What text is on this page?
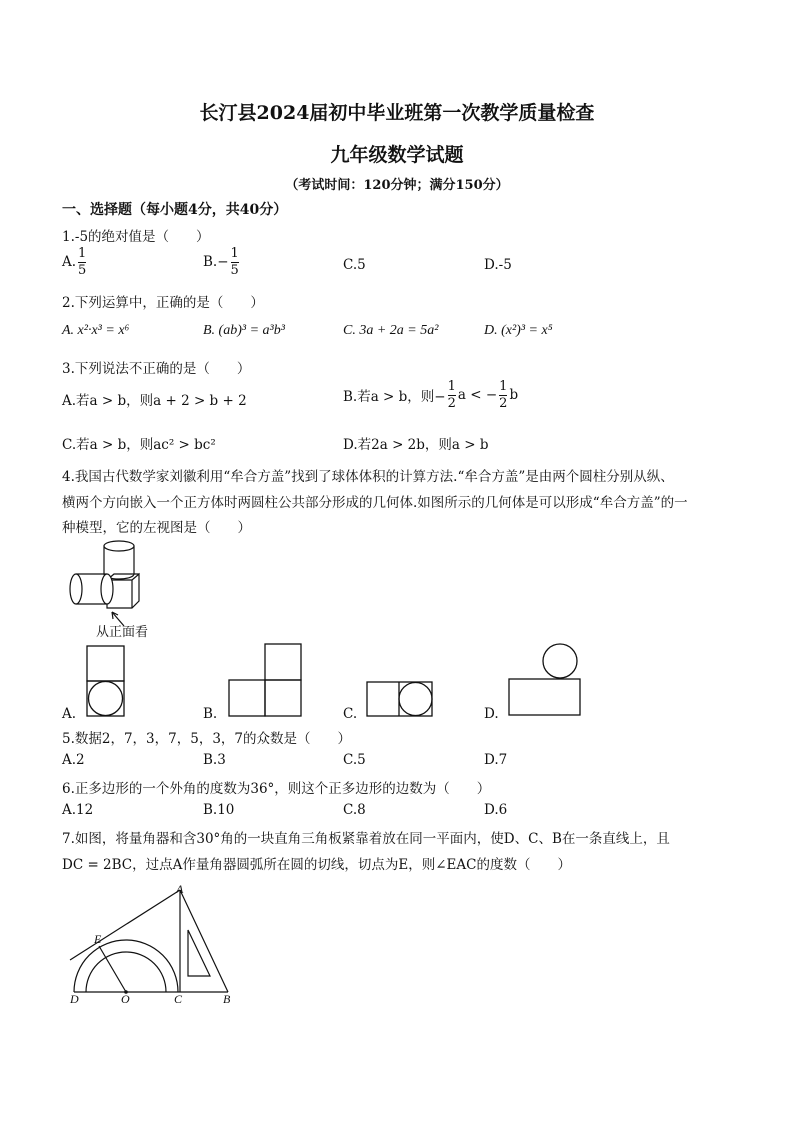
长汀县2024届初中毕业班第一次教学质量检查
九年级数学试题
（考试时间：120分钟；满分150分）
一、选择题（每小题4分，共40分）
1.-5的绝对值是（　　）
A. $\frac{1}{5}$	B. − $\frac{1}{5}$	C.5	D.-5
2.下列运算中，正确的是（　　）
A. x²·x³ = x⁶	B. (ab)³ = a³b³	C. 3a + 2a = 5a²	D. (x²)³ = x⁵
3.下列说法不正确的是（　　）
A.若a > b，则a + 2 > b + 2	B.若a > b，则− $\frac{1}{2}$ a < − $\frac{1}{2}$ b
C.若a > b，则ac² > bc²	D.若2a > 2b，则a > b
4.我国古代数学家刘徽利用“牟合方盖”找到了球体体积的计算方法.“牟合方盖”是由两个圆柱分别从纵、
横两个方向嵌入一个正方体时两圆柱公共部分形成的几何体.如图所示的几何体是可以形成“牟合方盖”的一
种模型，它的左视图是（　　）
从正面看
A.	B.	C.	D.
5.数据2，7，3，7，5，3，7的众数是（　　）
A.2	B.3	C.5	D.7
6.正多边形的一个外角的度数为36°，则这个正多边形的边数为（　　）
A.12	B.10	C.8	D.6
7.如图，将量角器和含30°角的一块直角三角板紧靠着放在同一平面内，使D、C、B在一条直线上，且
DC = 2BC，过点A作量角器圆弧所在圆的切线，切点为E，则∠EAC的度数（　　）
A
E
D	O	C	B
